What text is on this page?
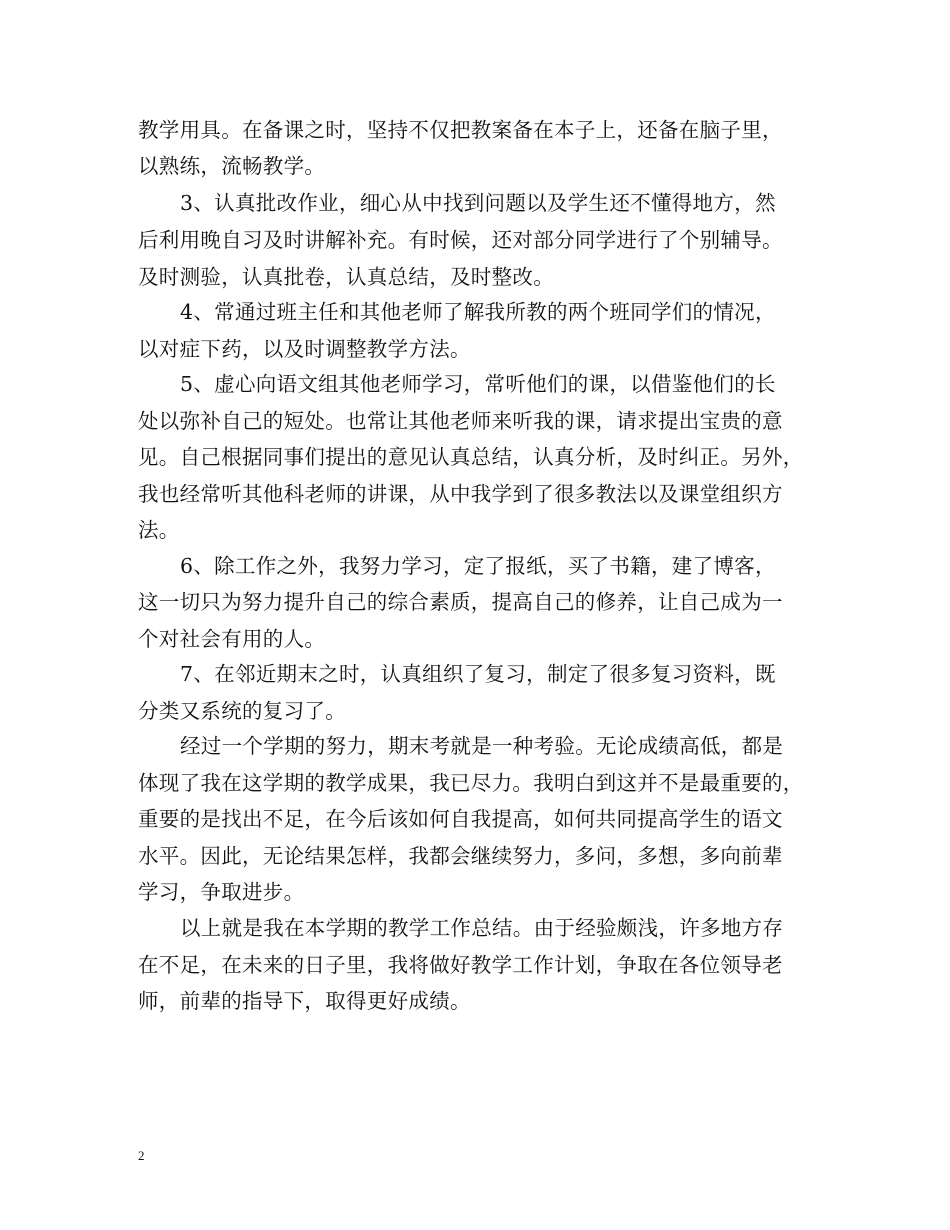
教学用具。在备课之时，坚持不仅把教案备在本子上，还备在脑子里，
以熟练，流畅教学。
3、认真批改作业，细心从中找到问题以及学生还不懂得地方，然
后利用晚自习及时讲解补充。有时候，还对部分同学进行了个别辅导。
及时测验，认真批卷，认真总结，及时整改。
4、常通过班主任和其他老师了解我所教的两个班同学们的情况，
以对症下药，以及时调整教学方法。
5、虚心向语文组其他老师学习，常听他们的课，以借鉴他们的长
处以弥补自己的短处。也常让其他老师来听我的课，请求提出宝贵的意
见。自己根据同事们提出的意见认真总结，认真分析，及时纠正。另外，
我也经常听其他科老师的讲课，从中我学到了很多教法以及课堂组织方
法。
6、除工作之外，我努力学习，定了报纸，买了书籍，建了博客，
这一切只为努力提升自己的综合素质，提高自己的修养，让自己成为一
个对社会有用的人。
7、在邻近期末之时，认真组织了复习，制定了很多复习资料，既
分类又系统的复习了。
经过一个学期的努力，期末考就是一种考验。无论成绩高低，都是
体现了我在这学期的教学成果，我已尽力。我明白到这并不是最重要的，
重要的是找出不足，在今后该如何自我提高，如何共同提高学生的语文
水平。因此，无论结果怎样，我都会继续努力，多问，多想，多向前辈
学习，争取进步。
以上就是我在本学期的教学工作总结。由于经验颇浅，许多地方存
在不足，在未来的日子里，我将做好教学工作计划，争取在各位领导老
师，前辈的指导下，取得更好成绩。
2
